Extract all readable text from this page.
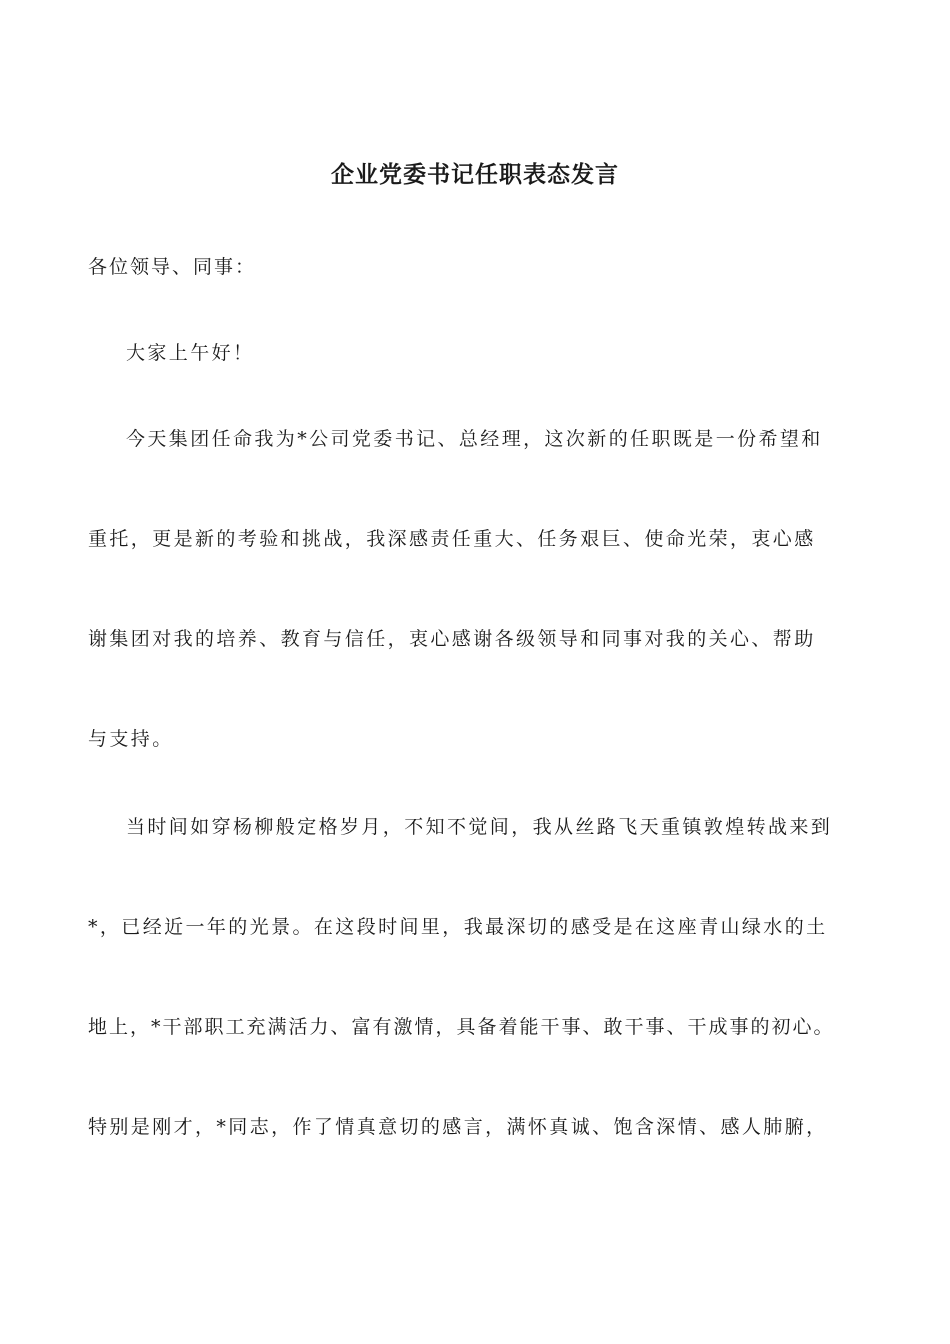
企业党委书记任职表态发言
各位领导、同事：
大家上午好！
今天集团任命我为*公司党委书记、总经理，这次新的任职既是一份希望和
重托，更是新的考验和挑战，我深感责任重大、任务艰巨、使命光荣，衷心感
谢集团对我的培养、教育与信任，衷心感谢各级领导和同事对我的关心、帮助
与支持。
当时间如穿杨柳般定格岁月，不知不觉间，我从丝路飞天重镇敦煌转战来到
*，已经近一年的光景。在这段时间里，我最深切的感受是在这座青山绿水的土
地上，*干部职工充满活力、富有激情，具备着能干事、敢干事、干成事的初心。
特别是刚才，*同志，作了情真意切的感言，满怀真诚、饱含深情、感人肺腑，
